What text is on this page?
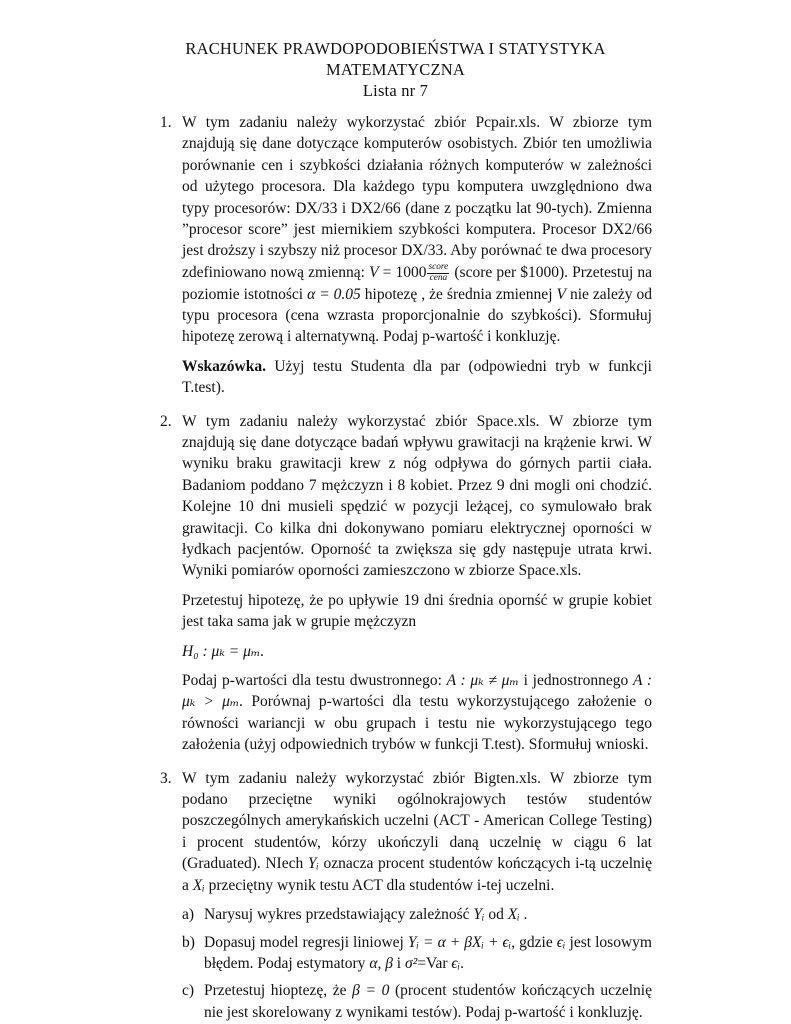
RACHUNEK PRAWDOPODOBIEŃSTWA I STATYSTYKA
MATEMATYCZNA
Lista nr 7
1. W tym zadaniu należy wykorzystać zbiór Pcpair.xls. W zbiorze tym znajdują się dane dotyczące komputerów osobistych. Zbiór ten umożliwia porównanie cen i szybkości działania różnych komputerów w zależności od użytego procesora. Dla każdego typu komputera uwzględniono dwa typy procesorów: DX/33 i DX2/66 (dane z początku lat 90-tych). Zmienna ”procesor score” jest miernikiem szybkości komputera. Procesor DX2/66 jest droższy i szybszy niż procesor DX/33. Aby porównać te dwa procesory zdefiniowano nową zmienną: $V = 1000 \frac{\text{score}}{\text{cena}}$ (score per $1000). Przetestuj na poziomie istotności α = 0.05 hipotezę , że średnia zmiennej V nie zależy od typu procesora (cena wzrasta proporcjonalnie do szybkości). Sformułuj hipotezę zerową i alternatywną. Podaj p-wartość i konkluzję.

Wskazówka. Użyj testu Studenta dla par (odpowiedni tryb w funkcji T.test).

2. W tym zadaniu należy wykorzystać zbiór Space.xls. W zbiorze tym znajdują się dane dotyczące badań wpływu grawitacji na krążenie krwi. W wyniku braku grawitacji krew z nóg odpływa do górnych partii ciała. Badaniom poddano 7 mężczyzn i 8 kobiet. Przez 9 dni mogli oni chodzić. Kolejne 10 dni musieli spędzić w pozycji leżącej, co symulowało brak grawitacji. Co kilka dni dokonywano pomiaru elektrycznej oporności w łydkach pacjentów. Oporność ta zwiększa się gdy następuje utrata krwi. Wyniki pomiarów oporności zamieszczono w zbiorze Space.xls.

Przetestuj hipotezę, że po upływie 19 dni średnia opornść w grupie kobiet jest taka sama jak w grupie mężczyzn

H₀ : μₖ = μₘ.

Podaj p-wartości dla testu dwustronnego: A : μₖ ≠ μₘ i jednostronnego A : μₖ > μₘ. Porównaj p-wartości dla testu wykorzystującego założenie o równości wariancji w obu grupach i testu nie wykorzystującego tego założenia (użyj odpowiednich trybów w funkcji T.test). Sformułuj wnioski.

3. W tym zadaniu należy wykorzystać zbiór Bigten.xls. W zbiorze tym podano przeciętne wyniki ogólnokrajowych testów studentów poszczególnych amerykańskich uczelni (ACT - American College Testing) i procent studentów, kórzy ukończyli daną uczelnię w ciągu 6 lat (Graduated). NIech Yᵢ oznacza procent studentów kończących i-tą uczelnię a Xᵢ przeciętny wynik testu ACT dla studentów i-tej uczelni.

a) Narysuj wykres przedstawiający zależność Yᵢ od Xᵢ .
b) Dopasuj model regresji liniowej Yᵢ = α + βXᵢ + ϵᵢ, gdzie ϵᵢ jest losowym błędem. Podaj estymatory α, β i σ²=Var ϵᵢ.
c) Przetestuj hioptezę, że β = 0 (procent studentów kończących uczelnię nie jest skorelowany z wynikami testów). Podaj p-wartość i konkluzję.
